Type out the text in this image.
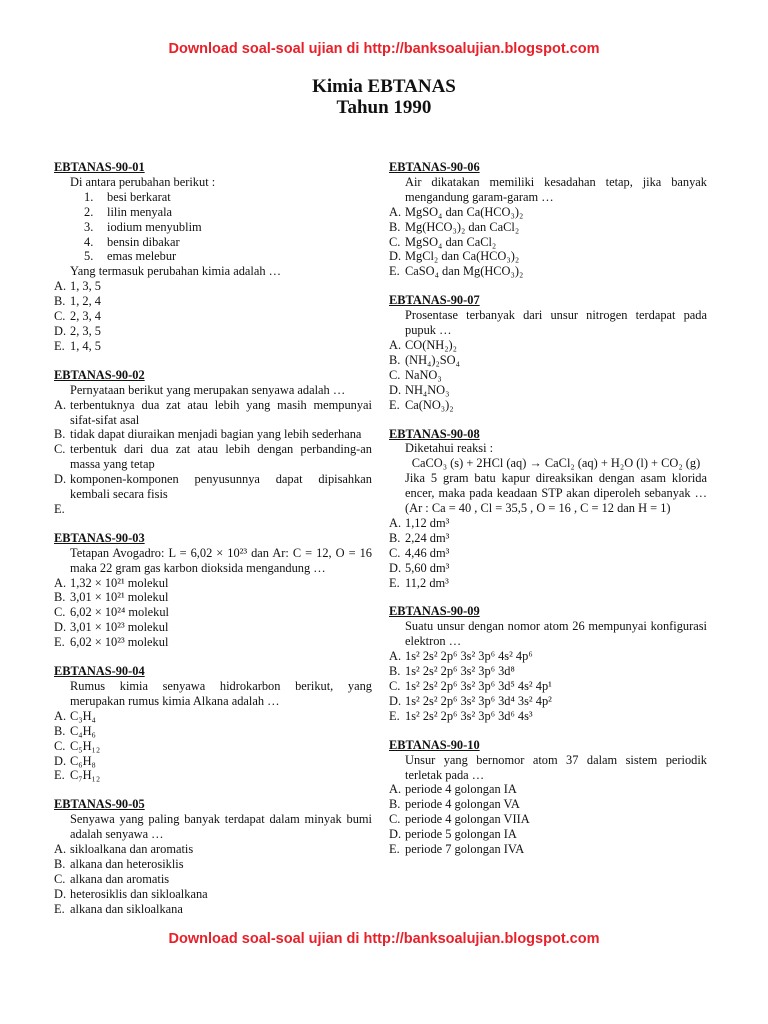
Download soal-soal ujian di http://banksoalujian.blogspot.com
Kimia EBTANAS
Tahun 1990
EBTANAS-90-01
Di antara perubahan berikut :
1.	besi berkarat
2.	lilin menyala
3.	iodium menyublim
4.	bensin dibakar
5.	emas melebur
Yang termasuk perubahan kimia adalah …
A. 1, 3, 5
B. 1, 2, 4
C. 2, 3, 4
D. 2, 3, 5
E. 1, 4, 5
EBTANAS-90-02
Pernyataan berikut yang merupakan senyawa adalah …
A. terbentuknya dua zat atau lebih yang masih mempunyai sifat-sifat asal
B. tidak dapat diuraikan menjadi bagian yang lebih sederhana
C. terbentuk dari dua zat atau lebih dengan perbanding-an massa yang tetap
D. komponen-komponen penyusunnya dapat dipisahkan kembali secara fisis
E.
EBTANAS-90-03
Tetapan Avogadro: L = 6,02 × 10²³ dan Ar: C = 12, O = 16 maka 22 gram gas karbon dioksida mengandung …
A. 1,32 × 10²¹ molekul
B. 3,01 × 10²¹ molekul
C. 6,02 × 10²⁴ molekul
D. 3,01 × 10²³ molekul
E. 6,02 × 10²³ molekul
EBTANAS-90-04
Rumus kimia senyawa hidrokarbon berikut, yang merupakan rumus kimia Alkana adalah …
A. C₃H₄
B. C₄H₆
C. C₅H₁₂
D. C₆H₈
E. C₇H₁₂
EBTANAS-90-05
Senyawa yang paling banyak terdapat dalam minyak bumi adalah senyawa …
A. sikloalkana dan aromatis
B. alkana dan heterosiklis
C. alkana dan aromatis
D. heterosiklis dan sikloalkana
E. alkana dan sikloalkana
EBTANAS-90-06
Air dikatakan memiliki kesadahan tetap, jika banyak mengandung garam-garam …
A. MgSO₄ dan Ca(HCO₃)₂
B. Mg(HCO₃)₂ dan CaCl₂
C. MgSO₄ dan CaCl₂
D. MgCl₂ dan Ca(HCO₃)₂
E. CaSO₄ dan Mg(HCO₃)₂
EBTANAS-90-07
Prosentase terbanyak dari unsur nitrogen terdapat pada pupuk …
A. CO(NH₂)₂
B. (NH₄)₂SO₄
C. NaNO₃
D. NH₄NO₃
E. Ca(NO₃)₂
EBTANAS-90-08
Diketahui reaksi :
CaCO₃ (s) + 2HCl (aq) → CaCl₂ (aq) + H₂O (l) + CO₂ (g)
Jika 5 gram batu kapur direaksikan dengan asam klorida encer, maka pada keadaan STP akan diperoleh sebanyak … (Ar : Ca = 40 , Cl = 35,5 , O = 16 , C = 12 dan H = 1)
A. 1,12 dm³
B. 2,24 dm³
C. 4,46 dm³
D. 5,60 dm³
E. 11,2 dm³
EBTANAS-90-09
Suatu unsur dengan nomor atom 26 mempunyai konfigurasi elektron …
A. 1s² 2s² 2p⁶ 3s² 3p⁶ 4s² 4p⁶
B. 1s² 2s² 2p⁶ 3s² 3p⁶ 3d⁸
C. 1s² 2s² 2p⁶ 3s² 3p⁶ 3d⁵ 4s² 4p¹
D. 1s² 2s² 2p⁶ 3s² 3p⁶ 3d⁴ 3s² 4p²
E. 1s² 2s² 2p⁶ 3s² 3p⁶ 3d⁶ 4s³
EBTANAS-90-10
Unsur yang bernomor atom 37 dalam sistem periodik terletak pada …
A. periode 4 golongan IA
B. periode 4 golongan VA
C. periode 4 golongan VIIA
D. periode 5 golongan IA
E. periode 7 golongan IVA
Download soal-soal ujian di http://banksoalujian.blogspot.com
